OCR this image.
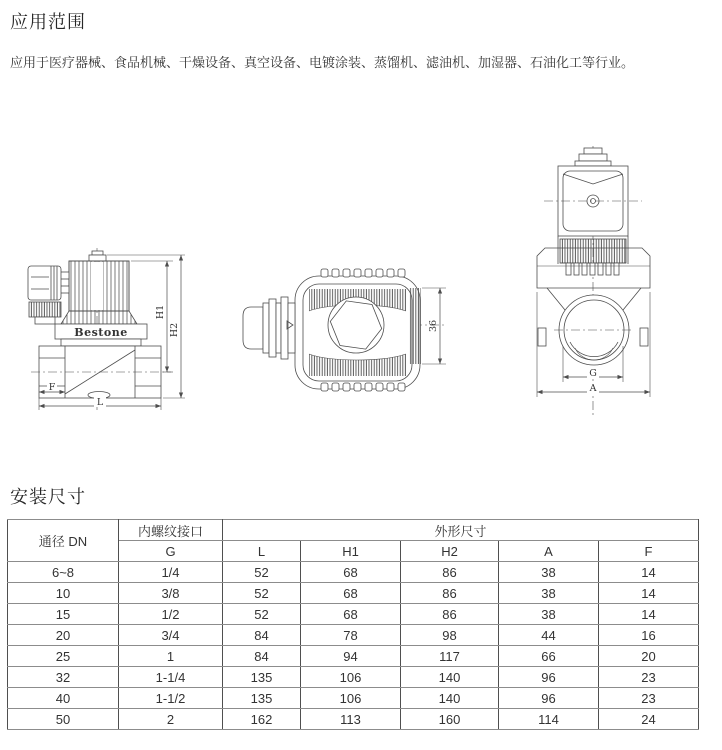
应用范围
应用于医疗器械、食品机械、干燥设备、真空设备、电镀涂装、蒸馏机、滤油机、加湿器、石油化工等行业。
Bestone
H1
H2
F
L
36
G
A
安装尺寸
通径 DN	内螺纹接口	外形尺寸				
	G	L	H1	H2	A	F
6~8	1/4	52	68	86	38	14
10	3/8	52	68	86	38	14
15	1/2	52	68	86	38	14
20	3/4	84	78	98	44	16
25	1	84	94	117	66	20
32	1-1/4	135	106	140	96	23
40	1-1/2	135	106	140	96	23
50	2	162	113	160	114	24
